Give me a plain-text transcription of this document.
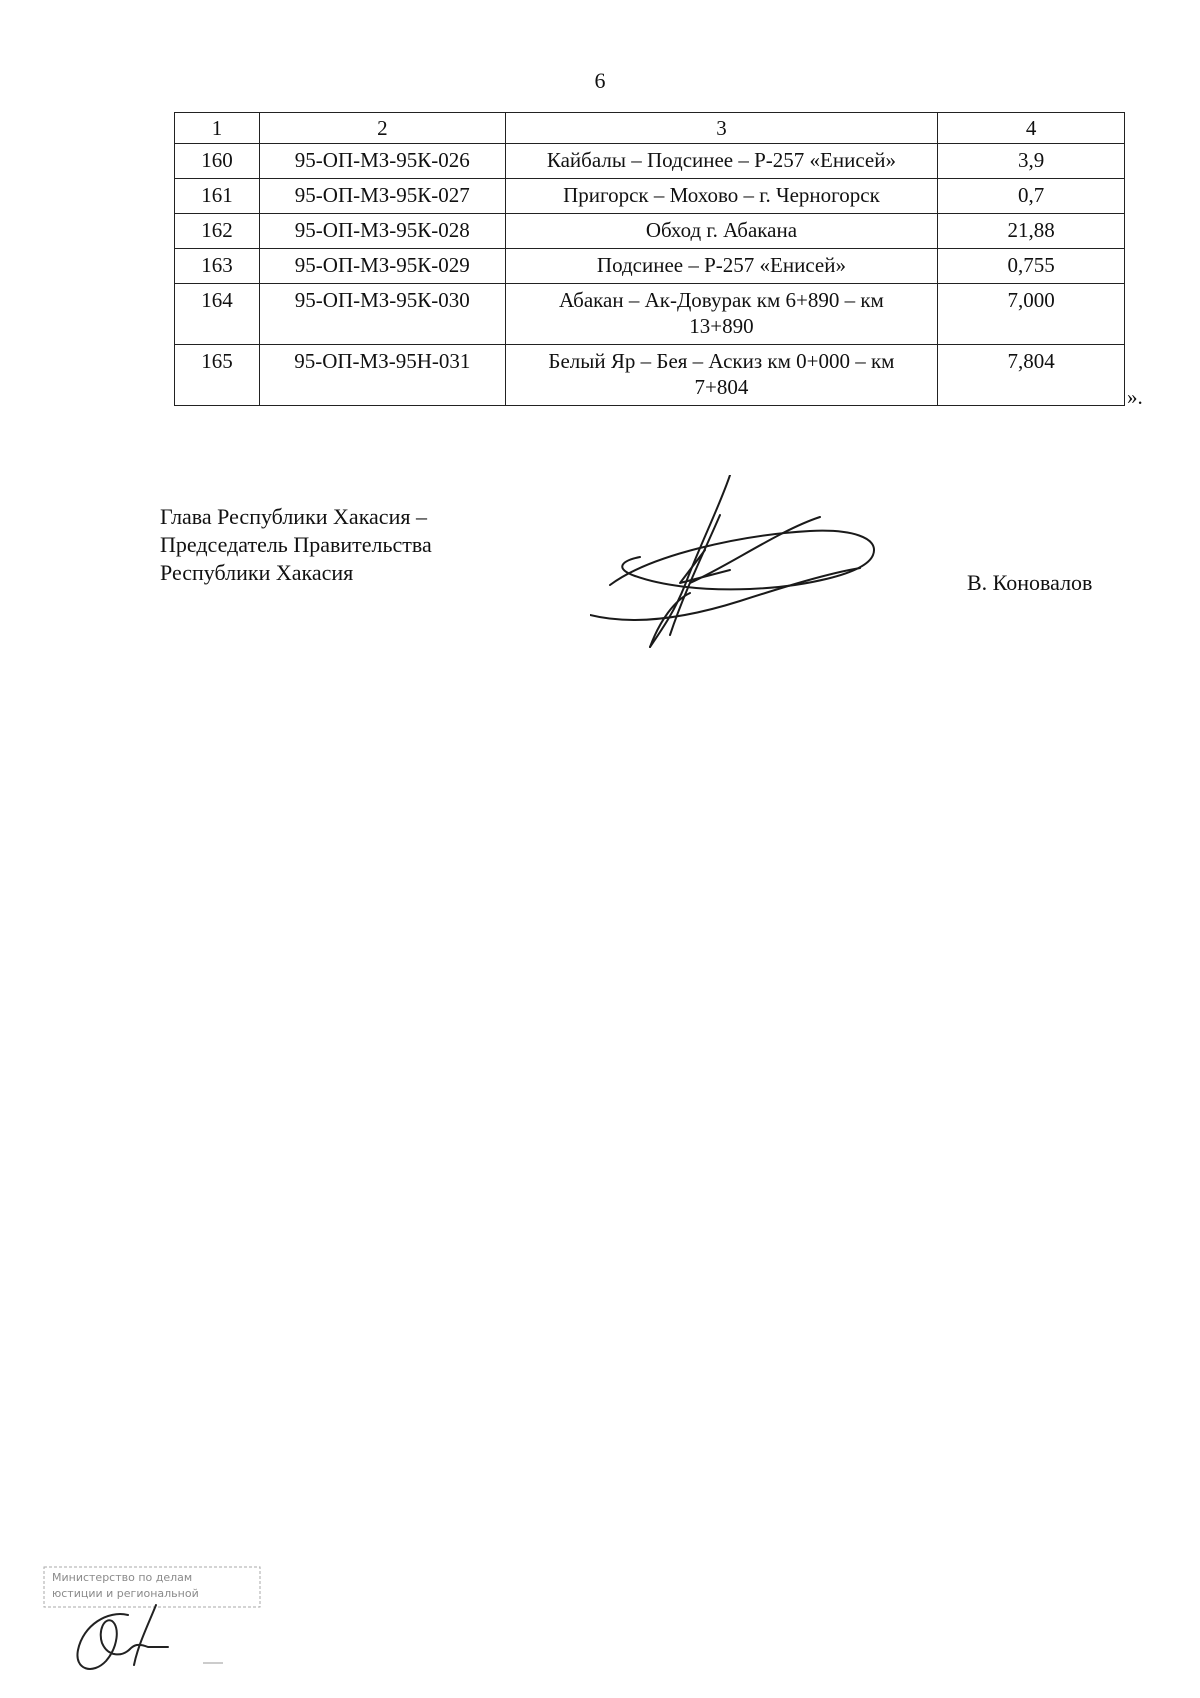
6
1	2	3	4
160	95-ОП-МЗ-95К-026	Кайбалы – Подсинее – Р-257 «Енисей»	3,9
161	95-ОП-МЗ-95К-027	Пригорск – Мохово – г. Черногорск	0,7
162	95-ОП-МЗ-95К-028	Обход г. Абакана	21,88
163	95-ОП-МЗ-95К-029	Подсинее – Р-257 «Енисей»	0,755
164	95-ОП-МЗ-95К-030	Абакан – Ак-Довурак км 6+890 – км 13+890	7,000
165	95-ОП-МЗ-95Н-031	Белый Яр – Бея – Аскиз км 0+000 – км 7+804	7,804
».
Глава Республики Хакасия –
Председатель Правительства
Республики Хакасия	В. Коновалов
Министерство по делам
юстиции и региональной
